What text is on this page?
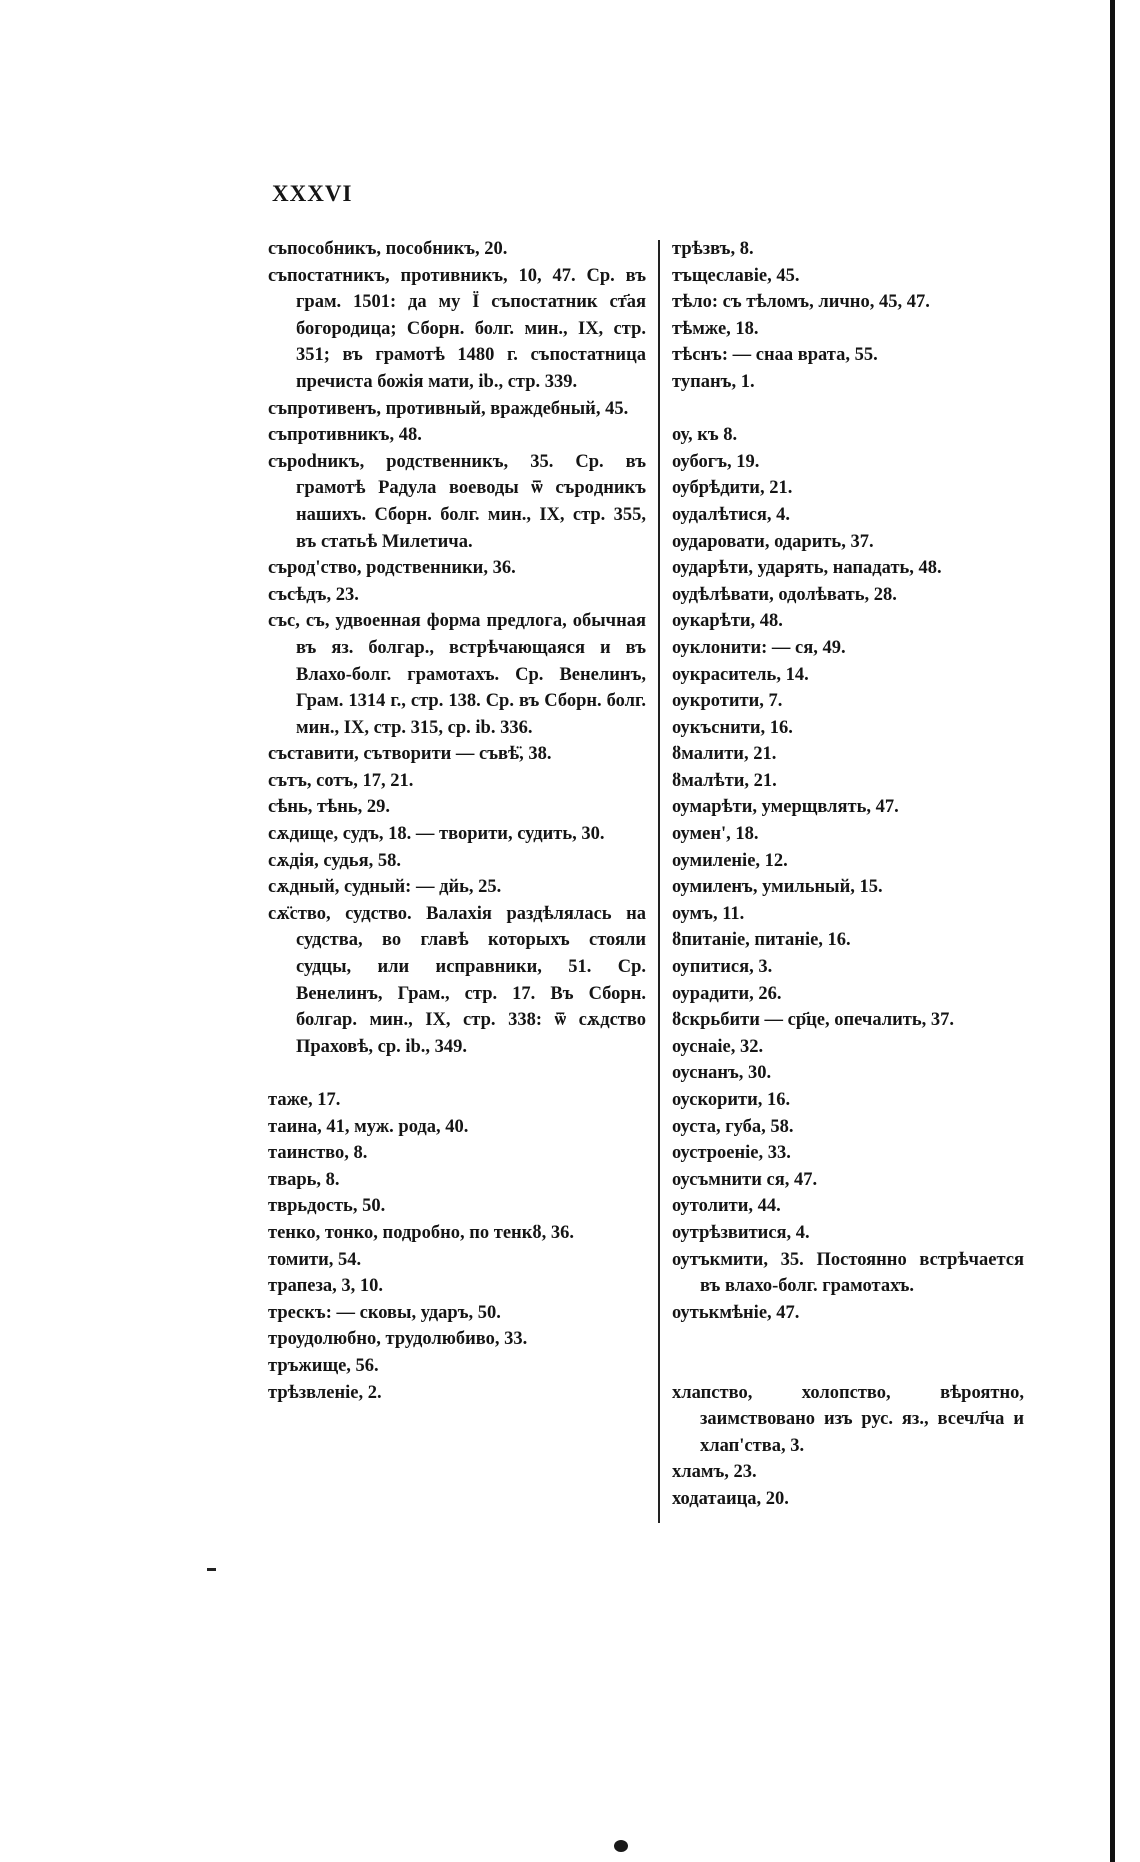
XXXVI
съпособникъ, пособникъ, 20.
съпостатникъ, противникъ, 10, 47. Ср. въ грам. 1501: да му Ї съпостатник ст҃ая богородица; Сборн. болг. мин., IX, стр. 351; въ грамотѣ 1480 г. съпостатница пречиста божія мати, ib., стр. 339.
съпротивенъ, противный, враждебный, 45.
съпротивникъ, 48.
сърodникъ, родственникъ, 35. Ср. въ грамотѣ Радула воеводы ѿ сърoдникъ нашихъ. Сборн. болг. мин., IX, стр. 355, въ статьѣ Милетича.
сърод'ство, родственники, 36.
съсѣдъ, 23.
със, съ, удвоенная форма предлога, обычная въ яз. болгар., встрѣчающаяся и въ Влахо-болг. грамотахъ. Ср. Венелинъ, Грам. 1314 г., стр. 138. Ср. въ Сборн. болг. мин., IX, стр. 315, ср. ib. 336.
съставити, сътворити — съвѣ̈, 38.
сътъ, сотъ, 17, 21.
сѣнь, тѣнь, 29.
сѫдище, судъ, 18. — творити, судить, 30.
сѫдія, судья, 58.
сѫдный, судный: — дйь, 25.
сѫ̈ство, судство. Валахія раздѣлялась на судства, во главѣ которыхъ стояли судцы, или исправники, 51. Ср. Венелинъ, Грам., стр. 17. Въ Сборн. болгар. мин., IX, стр. 338: ѿ сѫдство Праховѣ, ср. ib., 349.
таже, 17.
таина, 41, муж. рода, 40.
таинство, 8.
тварь, 8.
тврьдость, 50.
тенко, тонко, подробно, по тенкȣ, 36.
томити, 54.
трапеза, 3, 10.
трескъ: — сковы, ударъ, 50.
троудолюбно, трудолюбиво, 33.
тръжище, 56.
трѣзвленіе, 2.
трѣзвъ, 8.
тъщеславіе, 45.
тѣло: съ тѣломъ, лично, 45, 47.
тѣмже, 18.
тѣснъ: — снаа врата, 55.
тупанъ, 1.
оу, къ 8.
оубогъ, 19.
оубрѣдити, 21.
оудалѣтися, 4.
оударовати, одарить, 37.
оударѣти, ударять, нападать, 48.
оудѣлѣвати, одолѣвать, 28.
оукарѣти, 48.
оуклонити: — ся, 49.
оукраситель, 14.
оукротити, 7.
оукъснити, 16.
ȣмалити, 21.
ȣмалѣти, 21.
оумарѣти, умерщвлять, 47.
оумен', 18.
оумиленіе, 12.
оумиленъ, умильный, 15.
оумъ, 11.
ȣпитаніе, питаніе, 16.
оупитися, 3.
оурадити, 26.
ȣскрьбити — ср҃це, опечалить, 37.
оуснаіе, 32.
оуснанъ, 30.
оускорити, 16.
оуста, губа, 58.
оустроеніе, 33.
оусъмнити ся, 47.
оутолити, 44.
оутрѣзвитися, 4.
оутъкмити, 35. Постоянно встрѣчается въ влахо-болг. грамотахъ.
оутькмѣніе, 47.
хлапство, холопство, вѣроятно, заимствовано изъ рус. яз., всечл҃ча и хлап'ства, 3.
хламъ, 23.
ходатаица, 20.
